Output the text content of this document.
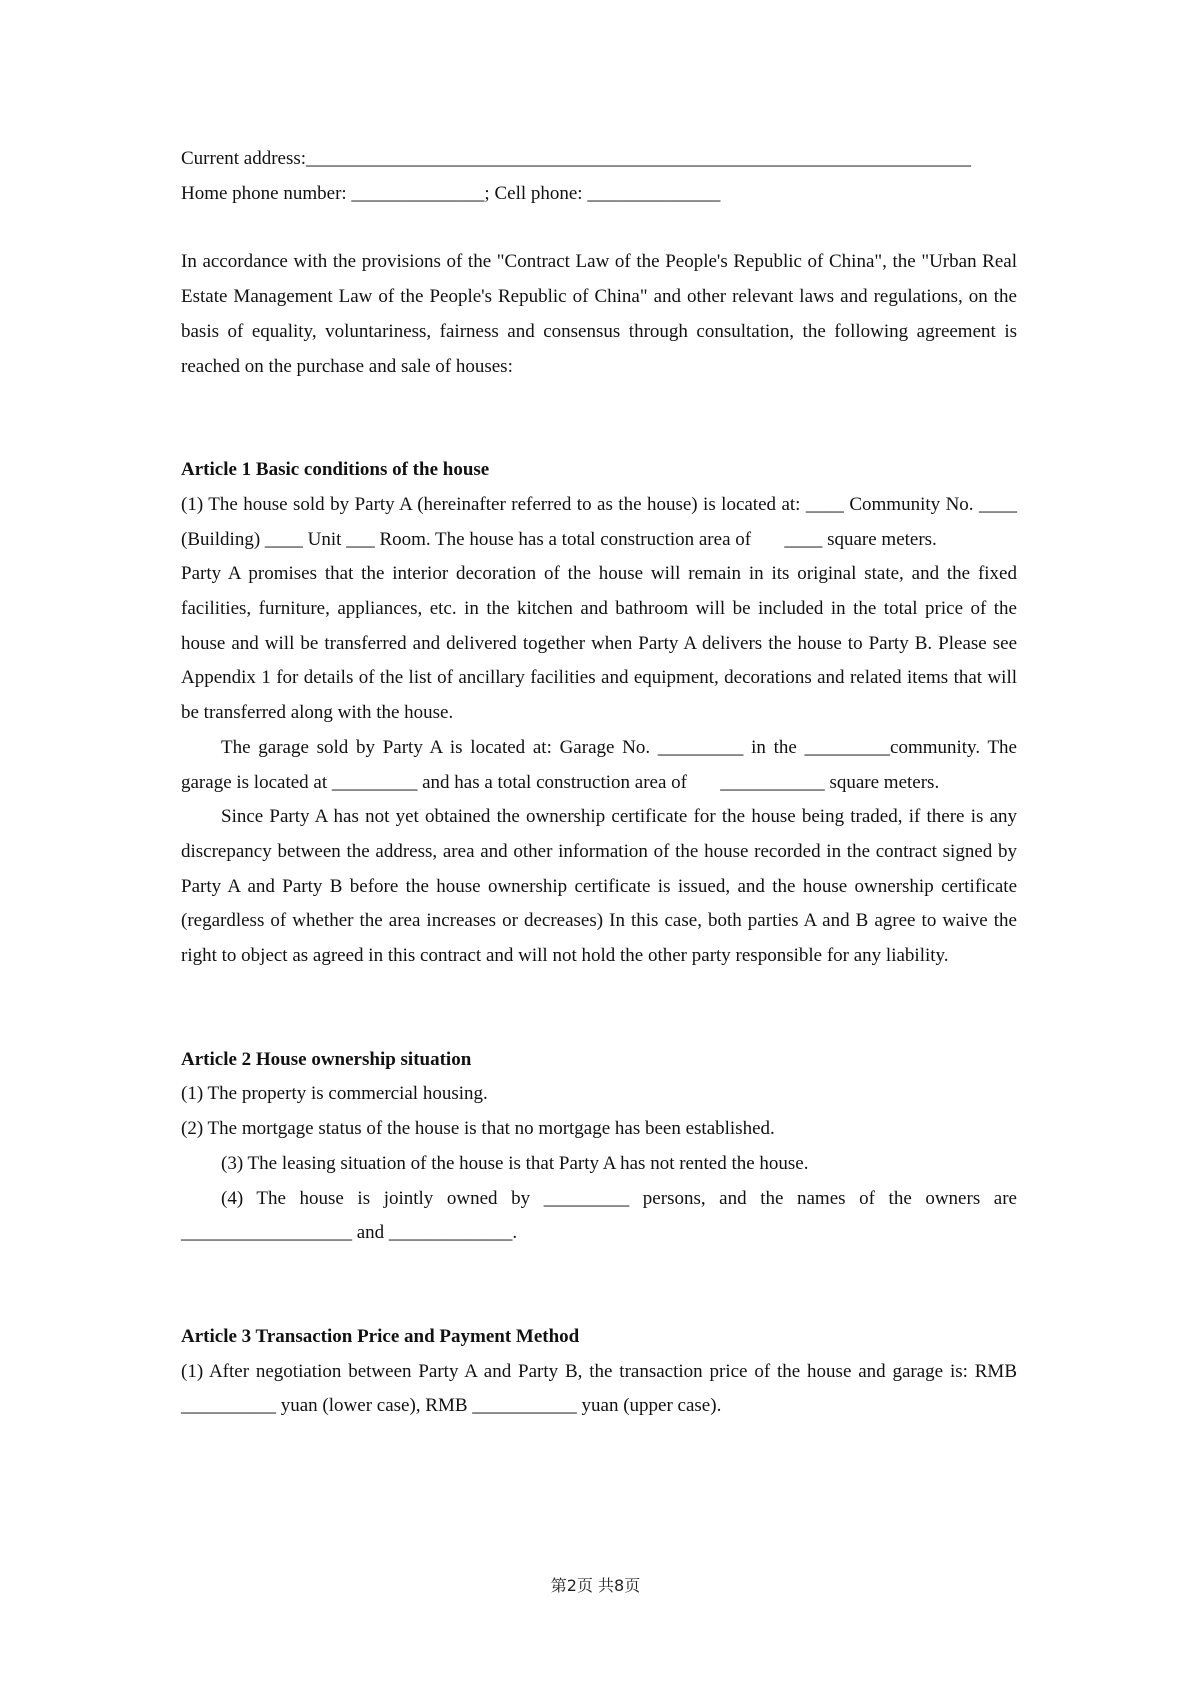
Current address:______________________________________________________________________
Home phone number: ______________; Cell phone: ______________
In accordance with the provisions of the "Contract Law of the People's Republic of China", the "Urban Real Estate Management Law of the People's Republic of China" and other relevant laws and regulations, on the basis of equality, voluntariness, fairness and consensus through consultation, the following agreement is reached on the purchase and sale of houses:
Article 1 Basic conditions of the house
(1) The house sold by Party A (hereinafter referred to as the house) is located at: ____ Community No. ____ (Building) ____ Unit ___ Room. The house has a total construction area of       ____ square meters.
Party A promises that the interior decoration of the house will remain in its original state, and the fixed facilities, furniture, appliances, etc. in the kitchen and bathroom will be included in the total price of the house and will be transferred and delivered together when Party A delivers the house to Party B. Please see Appendix 1 for details of the list of ancillary facilities and equipment, decorations and related items that will be transferred along with the house.
The garage sold by Party A is located at: Garage No. _________ in the _________community. The garage is located at _________ and has a total construction area of       ___________ square meters.
Since Party A has not yet obtained the ownership certificate for the house being traded, if there is any discrepancy between the address, area and other information of the house recorded in the contract signed by Party A and Party B before the house ownership certificate is issued, and the house ownership certificate (regardless of whether the area increases or decreases) In this case, both parties A and B agree to waive the right to object as agreed in this contract and will not hold the other party responsible for any liability.
Article 2 House ownership situation
(1) The property is commercial housing.
(2) The mortgage status of the house is that no mortgage has been established.
(3) The leasing situation of the house is that Party A has not rented the house.
(4) The house is jointly owned by _________ persons, and the names of the owners are __________________ and _____________.
Article 3 Transaction Price and Payment Method
(1) After negotiation between Party A and Party B, the transaction price of the house and garage is: RMB __________ yuan (lower case), RMB ___________ yuan (upper case).
第2页 共8页
